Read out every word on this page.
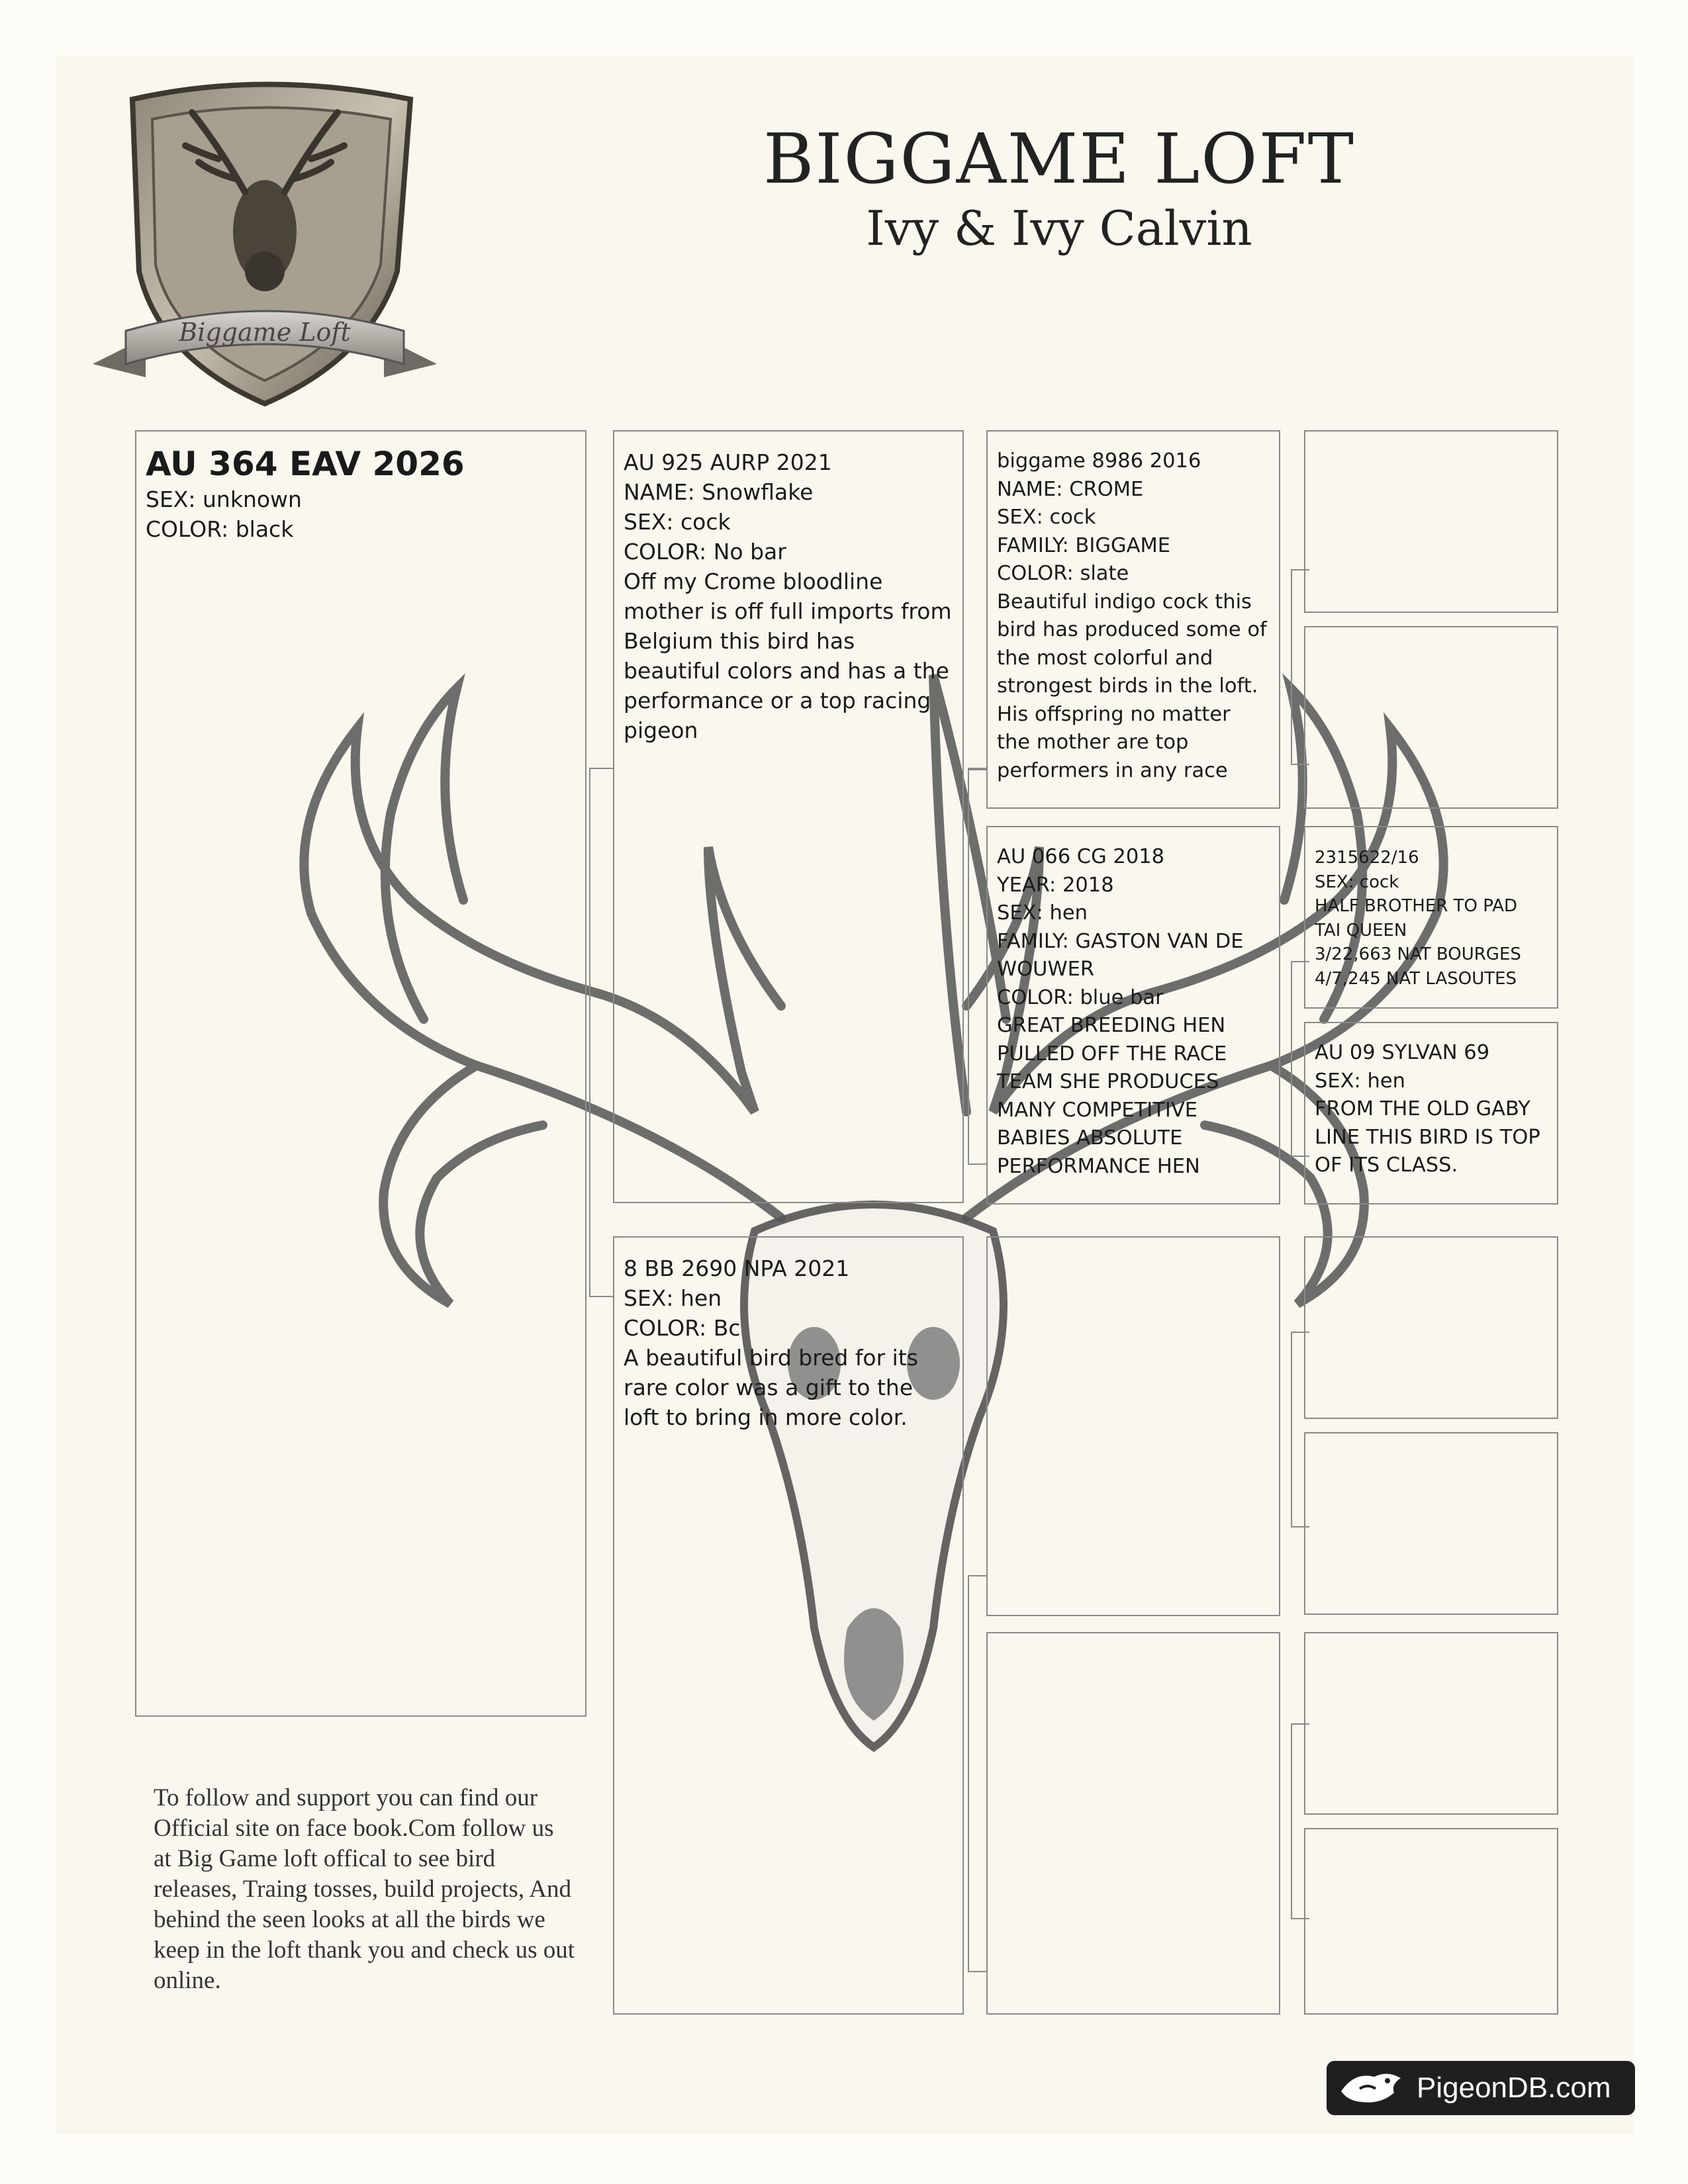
Biggame Loft
BIGGAME LOFT
Ivy & Ivy Calvin

AU 364 EAV 2026

SEX: unknown

COLOR: black

AU 925 AURP 2021

NAME: Snowflake

SEX: cock

COLOR: No bar

Off my Crome bloodline mother is off full imports from Belgium this bird has beautiful colors and has a the performance or a top racing pigeon

8 BB 2690 NPA 2021

SEX: hen

COLOR: Bc

A beautiful bird bred for its rare color was a gift to the loft to bring in more color.

biggame 8986 2016

NAME: CROME

SEX: cock

FAMILY: BIGGAME

COLOR: slate

Beautiful indigo cock this bird has produced some of the most colorful and strongest birds in the loft. His offspring no matter the mother are top performers in any race

AU 066 CG 2018

YEAR: 2018

SEX: hen

FAMILY: GASTON VAN DE WOUWER

COLOR: blue bar

GREAT BREEDING HEN PULLED OFF THE RACE TEAM SHE PRODUCES MANY COMPETITIVE BABIES ABSOLUTE PERFORMANCE HEN

2315622/16

SEX: cock

HALF BROTHER TO PAD TAI QUEEN

3/22,663 NAT BOURGES

4/7,245 NAT LASOUTES

AU 09 SYLVAN 69

SEX: hen

FROM THE OLD GABY LINE THIS BIRD IS TOP OF ITS CLASS.

To follow and support you can find our Official site on face book.Com follow us at Big Game loft offical to see bird releases, Traing tosses, build projects, And behind the seen looks at all the birds we keep in the loft thank you and check us out online.
PigeonDB.com
